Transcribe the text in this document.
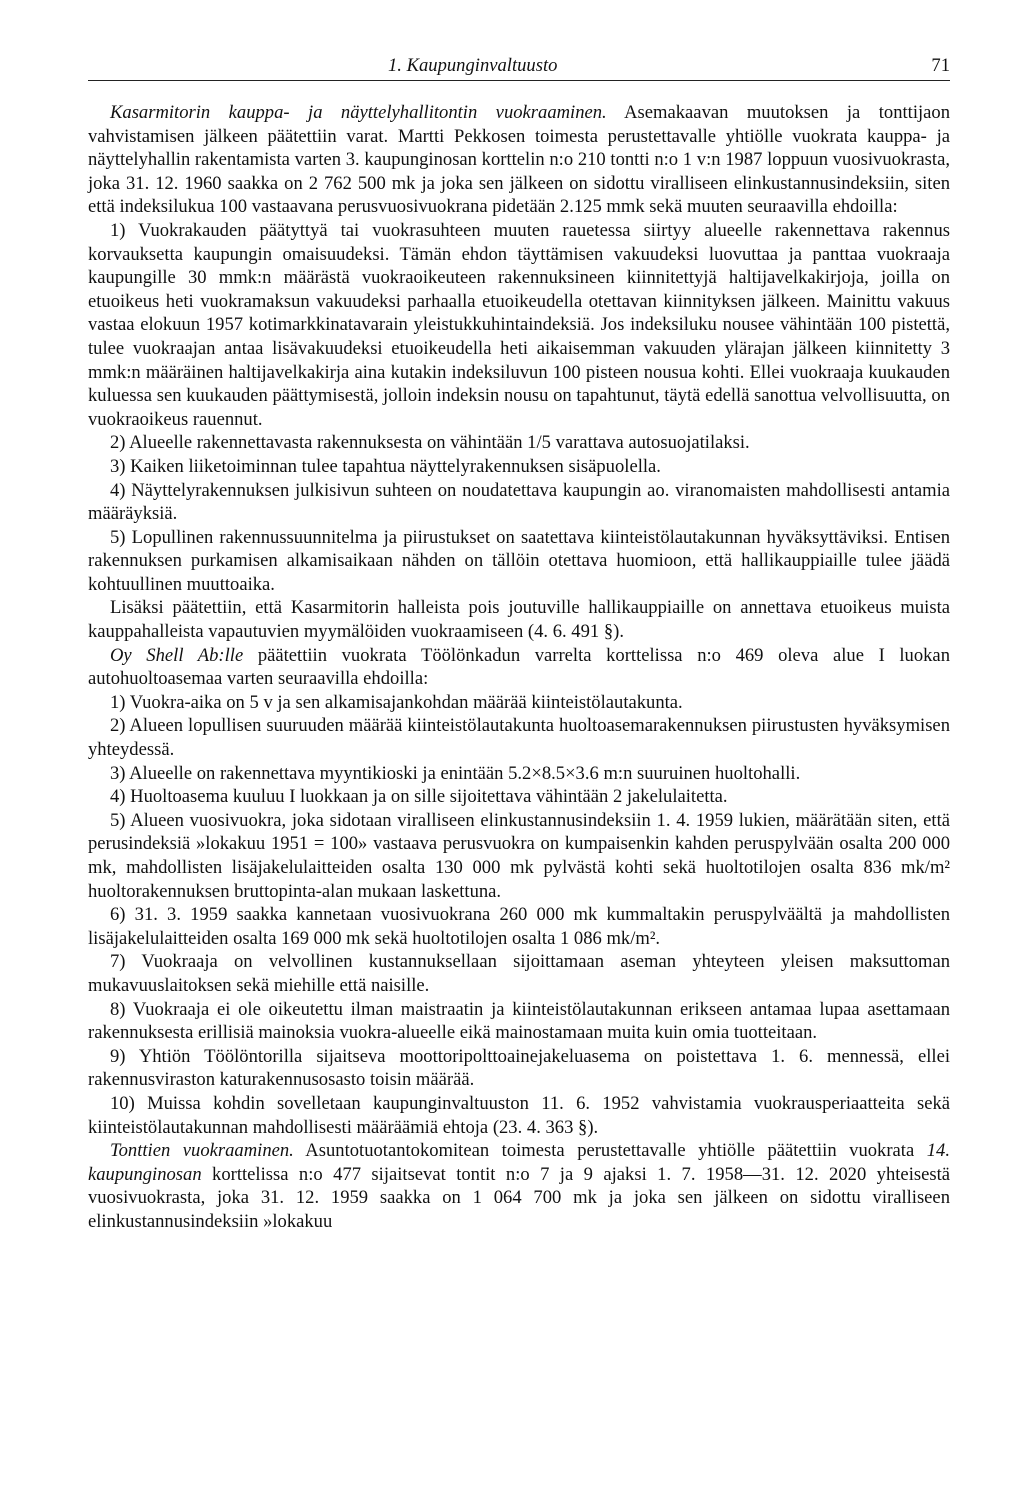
1. Kaupunginvaltuusto	71

Kasarmitorin kauppa- ja näyttelyhallitontin vuokraaminen. Asemakaavan muutoksen ja tonttijaon vahvistamisen jälkeen päätettiin varat. Martti Pekkosen toimesta perustettavalle yhtiölle vuokrata kauppa- ja näyttelyhallin rakentamista varten 3. kaupunginosan korttelin n:o 210 tontti n:o 1 v:n 1987 loppuun vuosivuokrasta, joka 31. 12. 1960 saakka on 2 762 500 mk ja joka sen jälkeen on sidottu viralliseen elinkustannusindeksiin, siten että indeksilukua 100 vastaavana perusvuosivuokrana pidetään 2.125 mmk sekä muuten seuraavilla ehdoilla:

1) Vuokrakauden päätyttyä tai vuokrasuhteen muuten rauetessa siirtyy alueelle rakennettava rakennus korvauksetta kaupungin omaisuudeksi. Tämän ehdon täyttämisen vakuudeksi luovuttaa ja panttaa vuokraaja kaupungille 30 mmk:n määrästä vuokraoikeuteen rakennuksineen kiinnitettyjä haltijavelkakirjoja, joilla on etuoikeus heti vuokramaksun vakuudeksi parhaalla etuoikeudella otettavan kiinnityksen jälkeen. Mainittu vakuus vastaa elokuun 1957 kotimarkkinatavarain yleistukkuhintaindeksiä. Jos indeksiluku nousee vähintään 100 pistettä, tulee vuokraajan antaa lisävakuudeksi etuoikeudella heti aikaisemman vakuuden ylärajan jälkeen kiinnitetty 3 mmk:n määräinen haltijavelkakirja aina kutakin indeksiluvun 100 pisteen nousua kohti. Ellei vuokraaja kuukauden kuluessa sen kuukauden päättymisestä, jolloin indeksin nousu on tapahtunut, täytä edellä sanottua velvollisuutta, on vuokraoikeus rauennut.

2) Alueelle rakennettavasta rakennuksesta on vähintään 1/5 varattava autosuojatilaksi.

3) Kaiken liiketoiminnan tulee tapahtua näyttelyrakennuksen sisäpuolella.

4) Näyttelyrakennuksen julkisivun suhteen on noudatettava kaupungin ao. viranomaisten mahdollisesti antamia määräyksiä.

5) Lopullinen rakennussuunnitelma ja piirustukset on saatettava kiinteistölautakunnan hyväksyttäviksi. Entisen rakennuksen purkamisen alkamisaikaan nähden on tällöin otettava huomioon, että hallikauppiaille tulee jäädä kohtuullinen muuttoaika.

Lisäksi päätettiin, että Kasarmitorin halleista pois joutuville hallikauppiaille on annettava etuoikeus muista kauppahalleista vapautuvien myymälöiden vuokraamiseen (4. 6. 491 §).

Oy Shell Ab:lle päätettiin vuokrata Töölönkadun varrelta korttelissa n:o 469 oleva alue I luokan autohuoltoasemaa varten seuraavilla ehdoilla:

1) Vuokra-aika on 5 v ja sen alkamisajankohdan määrää kiinteistölautakunta.

2) Alueen lopullisen suuruuden määrää kiinteistölautakunta huoltoasemarakennuksen piirustusten hyväksymisen yhteydessä.

3) Alueelle on rakennettava myyntikioski ja enintään 5.2×8.5×3.6 m:n suuruinen huoltohalli.

4) Huoltoasema kuuluu I luokkaan ja on sille sijoitettava vähintään 2 jakelulaitetta.

5) Alueen vuosivuokra, joka sidotaan viralliseen elinkustannusindeksiin 1. 4. 1959 lukien, määrätään siten, että perusindeksiä »lokakuu 1951 = 100» vastaava perusvuokra on kumpaisenkin kahden peruspylvään osalta 200 000 mk, mahdollisten lisäjakelulaitteiden osalta 130 000 mk pylvästä kohti sekä huoltotilojen osalta 836 mk/m² huoltorakennuksen bruttopinta-alan mukaan laskettuna.

6) 31. 3. 1959 saakka kannetaan vuosivuokrana 260 000 mk kummaltakin peruspylväältä ja mahdollisten lisäjakelulaitteiden osalta 169 000 mk sekä huoltotilojen osalta 1 086 mk/m².

7) Vuokraaja on velvollinen kustannuksellaan sijoittamaan aseman yhteyteen yleisen maksuttoman mukavuuslaitoksen sekä miehille että naisille.

8) Vuokraaja ei ole oikeutettu ilman maistraatin ja kiinteistölautakunnan erikseen antamaa lupaa asettamaan rakennuksesta erillisiä mainoksia vuokra-alueelle eikä mainostamaan muita kuin omia tuotteitaan.

9) Yhtiön Töölöntorilla sijaitseva moottoripolttoainejakeluasema on poistettava 1. 6. mennessä, ellei rakennusviraston katurakennusosasto toisin määrää.

10) Muissa kohdin sovelletaan kaupunginvaltuuston 11. 6. 1952 vahvistamia vuokrausperiaatteita sekä kiinteistölautakunnan mahdollisesti määräämiä ehtoja (23. 4. 363 §).

Tonttien vuokraaminen. Asuntotuotantokomitean toimesta perustettavalle yhtiölle päätettiin vuokrata 14. kaupunginosan korttelissa n:o 477 sijaitsevat tontit n:o 7 ja 9 ajaksi 1. 7. 1958—31. 12. 2020 yhteisestä vuosivuokrasta, joka 31. 12. 1959 saakka on 1 064 700 mk ja joka sen jälkeen on sidottu viralliseen elinkustannusindeksiin »lokakuu
